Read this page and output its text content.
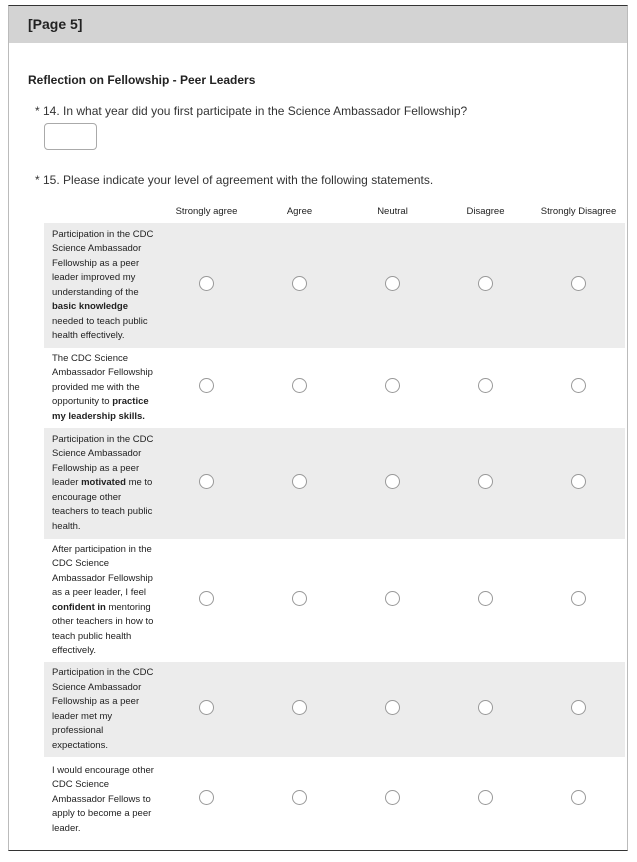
[Page 5]
Reflection on Fellowship - Peer Leaders
* 14. In what year did you first participate in the Science Ambassador Fellowship?
* 15. Please indicate your level of agreement with the following statements.
	Strongly agree	Agree	Neutral	Disagree	Strongly Disagree
Participation in the CDC Science Ambassador Fellowship as a peer leader improved my understanding of the basic knowledge needed to teach public health effectively.					
The CDC Science Ambassador Fellowship provided me with the opportunity to practice my leadership skills.					
Participation in the CDC Science Ambassador Fellowship as a peer leader motivated me to encourage other teachers to teach public health.					
After participation in the CDC Science Ambassador Fellowship as a peer leader, I feel confident in mentoring other teachers in how to teach public health effectively.					
Participation in the CDC Science Ambassador Fellowship as a peer leader met my professional expectations.					
I would encourage other CDC Science Ambassador Fellows to apply to become a peer leader.					
